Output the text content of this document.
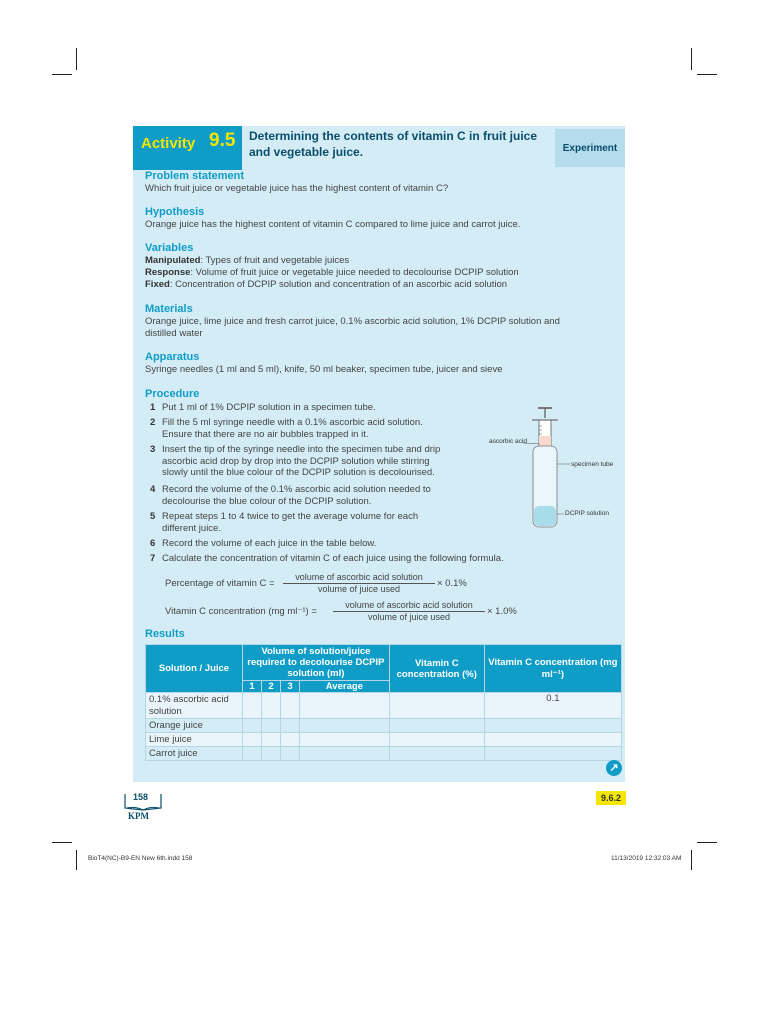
Activity 9.5 Determining the contents of vitamin C in fruit juice and vegetable juice.	Experiment

Problem statement

Which fruit juice or vegetable juice has the highest content of vitamin C?

Hypothesis

Orange juice has the highest content of vitamin C compared to lime juice and carrot juice.

Variables

Manipulated: Types of fruit and vegetable juices

Response: Volume of fruit juice or vegetable juice needed to decolourise DCPIP solution

Fixed: Concentration of DCPIP solution and concentration of an ascorbic acid solution

Materials

Orange juice, lime juice and fresh carrot juice, 0.1% ascorbic acid solution, 1% DCPIP solution and

distilled water

Apparatus

Syringe needles (1 ml and 5 ml), knife, 50 ml beaker, specimen tube, juicer and sieve

Procedure

1 Put 1 ml of 1% DCPIP solution in a specimen tube.
2 Fill the 5 ml syringe needle with a 0.1% ascorbic acid solution.
Ensure that there are no air bubbles trapped in it.
3 Insert the tip of the syringe needle into the specimen tube and drip
ascorbic acid drop by drop into the DCPIP solution while stirring
slowly until the blue colour of the DCPIP solution is decolourised.
4 Record the volume of the 0.1% ascorbic acid solution needed to
decolourise the blue colour of the DCPIP solution.
5 Repeat steps 1 to 4 twice to get the average volume for each
different juice.
6 Record the volume of each juice in the table below.
7 Calculate the concentration of vitamin C of each juice using the following formula.
Percentage of vitamin C =
volume of ascorbic acid solution
volume of juice used	× 0.1%
Vitamin C concentration (mg ml⁻¹) =
volume of ascorbic acid solution
volume of juice used	× 1.0%

Results

Solution / Juice	Volume of solution/juice required to decolourise DCPIP solution (ml)				Vitamin C concentration (%)	Vitamin C concentration (mg ml⁻¹)
	1	2	3	Average		
0.1% ascorbic acid solution						0.1
Orange juice						
Lime juice						
Carrot juice						
↗
ascorbic acid
specimen tube
DCPIP solution
158
KPM
9.6.2
BioT4(NC)-B9-EN New 6th.indd 158	11/13/2019 12:32:03 AM
